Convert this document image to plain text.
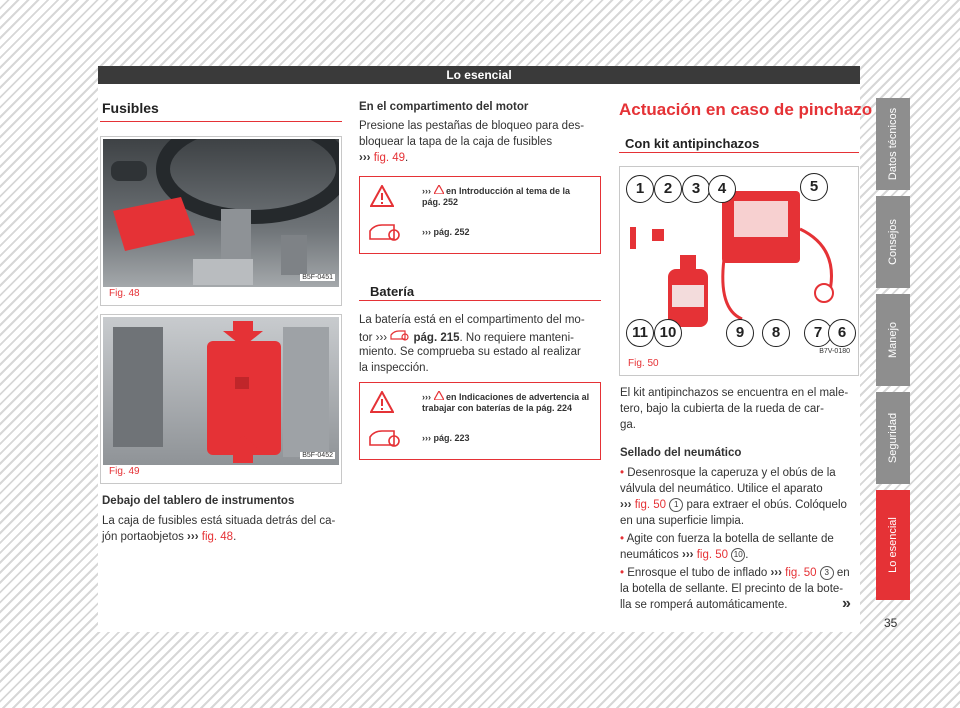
Lo esencial
Datos técnicos
Consejos
Manejo
Seguridad
Lo esencial
Fusibles
Fig. 48
B5F-0451
Fig. 49
B5F-0452
Debajo del tablero de instrumentos
La caja de fusibles está situada detrás del ca-
jón portaobjetos ››› fig. 48.
En el compartimento del motor
Presione las pestañas de bloqueo para des-
bloquear la tapa de la caja de fusibles
››› fig. 49.
›››  en Introducción al tema de la
pág. 252
››› pág. 252
Batería
La batería está en el compartimento del mo-
tor ›››  pág. 215. No requiere manteni-
miento. Se comprueba su estado al realizar
la inspección.
›››  en Indicaciones de advertencia al
trabajar con baterías de la pág. 224
››› pág. 223
Actuación en caso de pinchazo
Con kit antipinchazos
1	2	3	4	5
11 10	9	8	7	6
Fig. 50
B7V-0180
El kit antipinchazos se encuentra en el male-
tero, bajo la cubierta de la rueda de car-
ga.
Sellado del neumático
• Desenrosque la caperuza y el obús de la
válvula del neumático. Utilice el aparato
››› fig. 50 1 para extraer el obús. Colóquelo
en una superficie limpia.
• Agite con fuerza la botella de sellante de
neumáticos ››› fig. 50 10 .
• Enrosque el tubo de inflado ››› fig. 50 3 en
la botella de sellante. El precinto de la bote-
lla se romperá automáticamente.	»
35
